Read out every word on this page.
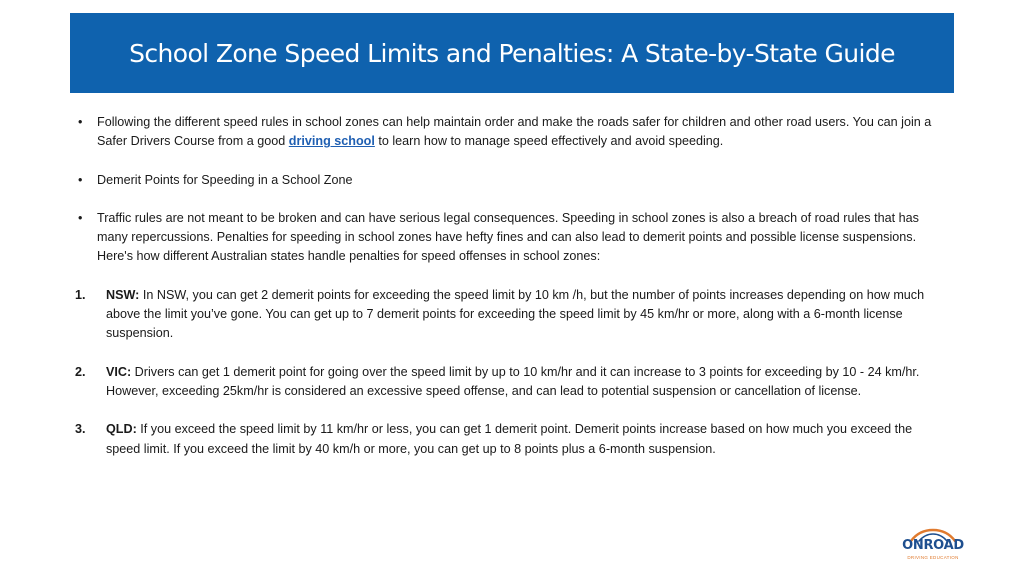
School Zone Speed Limits and Penalties: A State-by-State Guide
•	Following the different speed rules in school zones can help maintain order and make the roads safer for children and other road users. You can join a Safer Drivers Course from a good driving school to learn how to manage speed effectively and avoid speeding.
•	Demerit Points for Speeding in a School Zone
•	Traffic rules are not meant to be broken and can have serious legal consequences. Speeding in school zones is also a breach of road rules that has many repercussions. Penalties for speeding in school zones have hefty fines and can also lead to demerit points and possible license suspensions. Here's how different Australian states handle penalties for speed offenses in school zones:
1.	NSW: In NSW, you can get 2 demerit points for exceeding the speed limit by 10 km /h, but the number of points increases depending on how much above the limit you’ve gone. You can get up to 7 demerit points for exceeding the speed limit by 45 km/hr or more, along with a 6-month license suspension.
2.	VIC: Drivers can get 1 demerit point for going over the speed limit by up to 10 km/hr and it can increase to 3 points for exceeding by 10 - 24 km/hr. However, exceeding 25km/hr is considered an excessive speed offense, and can lead to potential suspension or cancellation of license.
3.	QLD: If you exceed the speed limit by 11 km/hr or less, you can get 1 demerit point. Demerit points increase based on how much you exceed the speed limit. If you exceed the limit by 40 km/h or more, you can get up to 8 points plus a 6-month suspension.
ONROAD
DRIVING EDUCATION
